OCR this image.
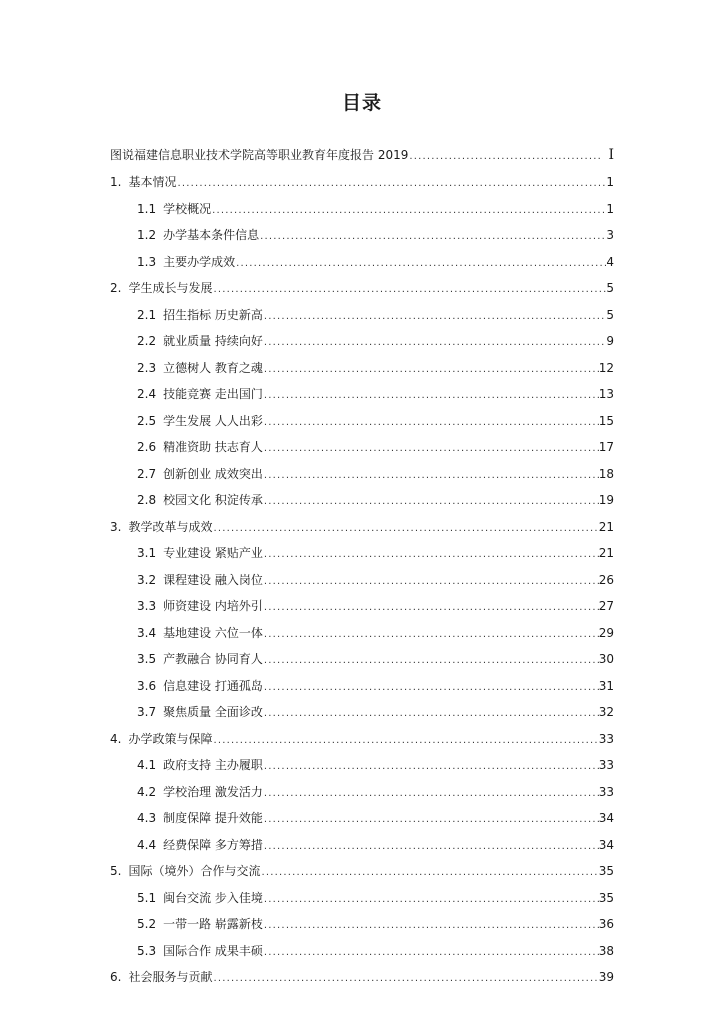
目录
图说福建信息职业技术学院高等职业教育年度报告 2019 .....	I
1. 基本情况 .....	1
1.1 学校概况 .....	1
1.2 办学基本条件信息 .....	3
1.3 主要办学成效 .....	4
2. 学生成长与发展 .....	5
2.1 招生指标 历史新高 .....	5
2.2 就业质量 持续向好 .....	9
2.3 立德树人 教育之魂 .....	12
2.4 技能竞赛 走出国门 .....	13
2.5 学生发展 人人出彩 .....	15
2.6 精准资助 扶志育人 .....	17
2.7 创新创业 成效突出 .....	18
2.8 校园文化 积淀传承 .....	19
3. 教学改革与成效 .....	21
3.1 专业建设 紧贴产业 .....	21
3.2 课程建设 融入岗位 .....	26
3.3 师资建设 内培外引 .....	27
3.4 基地建设 六位一体 .....	29
3.5 产教融合 协同育人 .....	30
3.6 信息建设 打通孤岛 .....	31
3.7 聚焦质量 全面诊改 .....	32
4. 办学政策与保障 .....	33
4.1 政府支持 主办履职 .....	33
4.2 学校治理 激发活力 .....	33
4.3 制度保障 提升效能 .....	34
4.4 经费保障 多方筹措 .....	34
5. 国际（境外）合作与交流 .....	35
5.1 闽台交流 步入佳境 .....	35
5.2 一带一路 崭露新枝 .....	36
5.3 国际合作 成果丰硕 .....	38
6. 社会服务与贡献 .....	39
